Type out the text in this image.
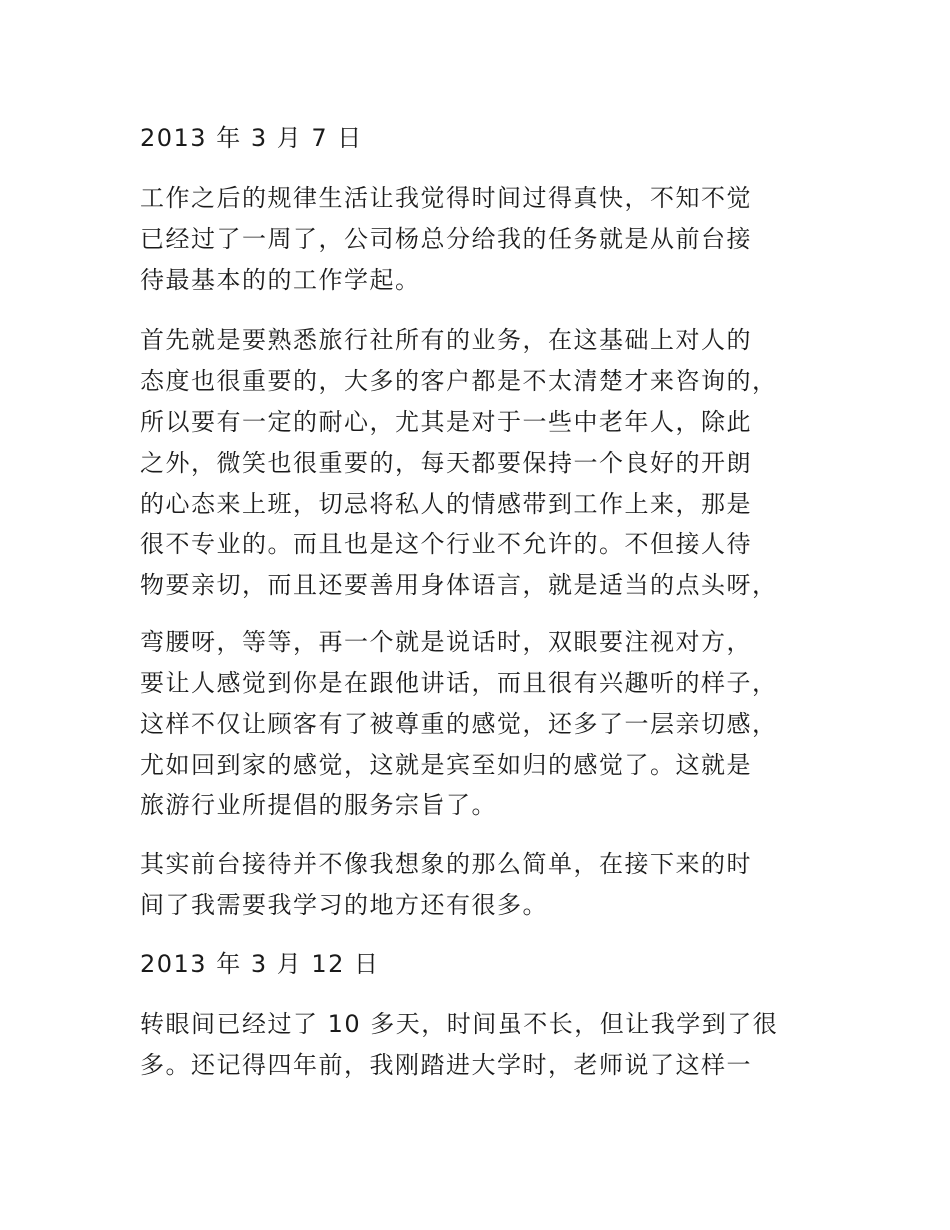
2013 年 3 月 7 日

工作之后的规律生活让我觉得时间过得真快，不知不觉

已经过了一周了，公司杨总分给我的任务就是从前台接

待最基本的的工作学起。

首先就是要熟悉旅行社所有的业务，在这基础上对人的

态度也很重要的，大多的客户都是不太清楚才来咨询的，

所以要有一定的耐心，尤其是对于一些中老年人，除此

之外，微笑也很重要的，每天都要保持一个良好的开朗

的心态来上班，切忌将私人的情感带到工作上来，那是

很不专业的。而且也是这个行业不允许的。不但接人待

物要亲切，而且还要善用身体语言，就是适当的点头呀，

弯腰呀，等等，再一个就是说话时，双眼要注视对方，

要让人感觉到你是在跟他讲话，而且很有兴趣听的样子，

这样不仅让顾客有了被尊重的感觉，还多了一层亲切感，

尤如回到家的感觉，这就是宾至如归的感觉了。这就是

旅游行业所提倡的服务宗旨了。

其实前台接待并不像我想象的那么简单，在接下来的时

间了我需要我学习的地方还有很多。

2013 年 3 月 12 日

转眼间已经过了 10 多天，时间虽不长，但让我学到了很

多。还记得四年前，我刚踏进大学时，老师说了这样一
